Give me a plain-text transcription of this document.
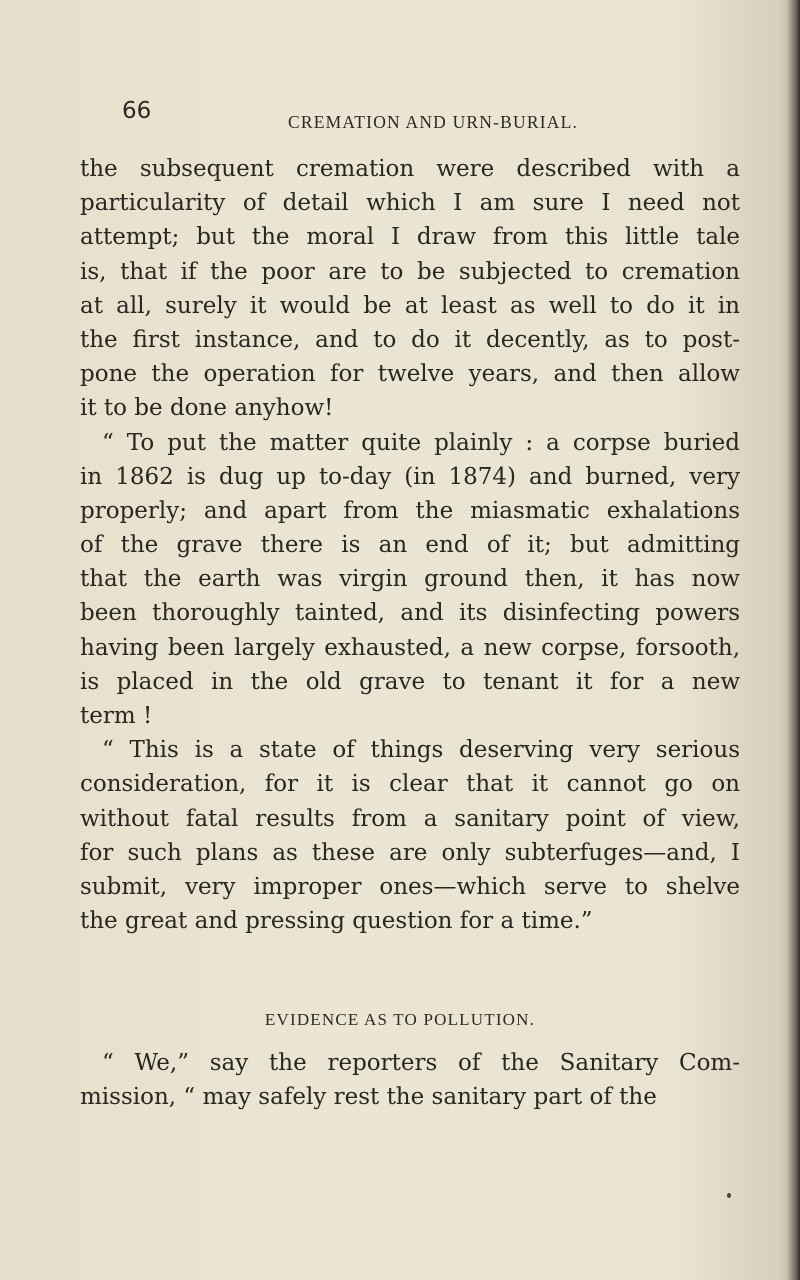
66	CREMATION AND URN-BURIAL.
the subsequent cremation were described with a
particularity of detail which I am sure I need not
attempt; but the moral I draw from this little tale
is, that if the poor are to be subjected to cremation
at all, surely it would be at least as well to do it in
the first instance, and to do it decently, as to post-
pone the operation for twelve years, and then allow
it to be done anyhow!
“ To put the matter quite plainly : a corpse buried
in 1862 is dug up to-day (in 1874) and burned, very
properly; and apart from the miasmatic exhalations
of the grave there is an end of it; but admitting
that the earth was virgin ground then, it has now
been thoroughly tainted, and its disinfecting powers
having been largely exhausted, a new corpse, forsooth,
is placed in the old grave to tenant it for a new
term !
“ This is a state of things deserving very serious
consideration, for it is clear that it cannot go on
without fatal results from a sanitary point of view,
for such plans as these are only subterfuges—and, I
submit, very improper ones—which serve to shelve
the great and pressing question for a time.”
EVIDENCE AS TO POLLUTION.
“ We,” say the reporters of the Sanitary Com-
mission, “ may safely rest the sanitary part of the
